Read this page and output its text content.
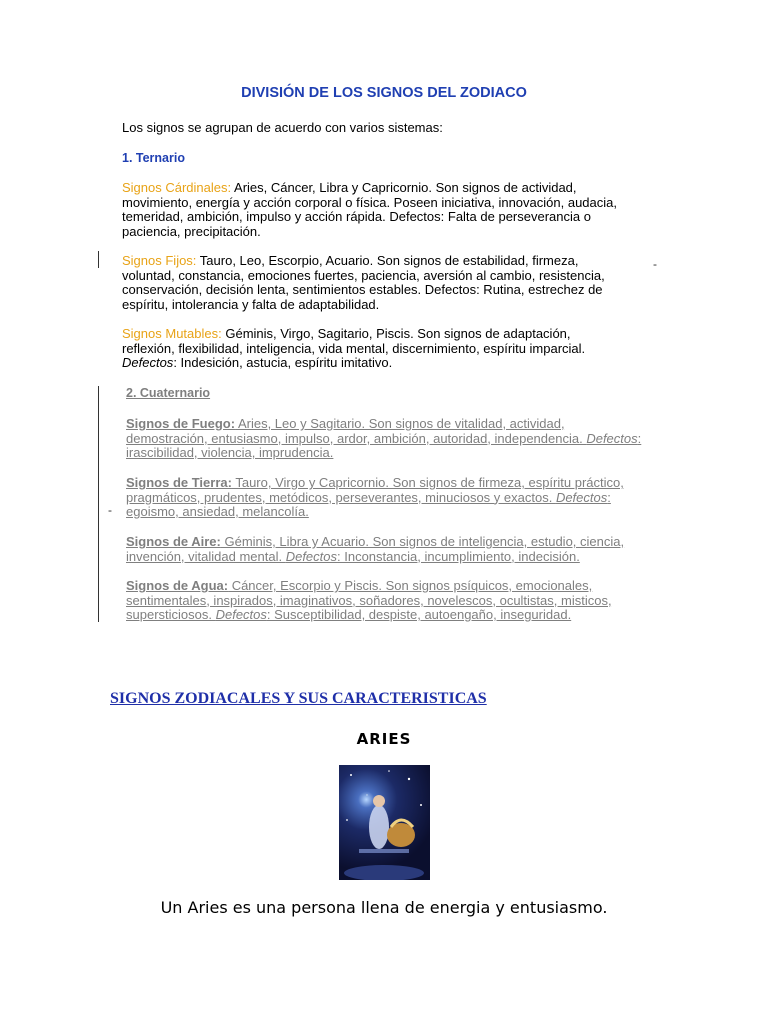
DIVISIÓN DE LOS SIGNOS DEL ZODIACO
Los signos se agrupan de acuerdo con varios sistemas:
1. Ternario
Signos Cárdinales: Aries, Cáncer, Libra y Capricornio. Son signos de actividad, movimiento, energía y acción corporal o física. Poseen iniciativa, innovación, audacia, temeridad, ambición, impulso y acción rápida. Defectos: Falta de perseverancia o paciencia, precipitación.
Signos Fijos: Tauro, Leo, Escorpio, Acuario. Son signos de estabilidad, firmeza, voluntad, constancia, emociones fuertes, paciencia, aversión al cambio, resistencia, conservación, decisión lenta, sentimientos estables. Defectos: Rutina, estrechez de espíritu, intolerancia y falta de adaptabilidad.
Signos Mutables: Géminis, Virgo, Sagitario, Piscis. Son signos de adaptación, reflexión, flexibilidad, inteligencia, vida mental, discernimiento, espíritu imparcial. Defectos: Indesición, astucia, espíritu imitativo.
-
-
2. Cuaternario
Signos de Fuego: Aries, Leo y Sagitario. Son signos de vitalidad, actividad, demostración, entusiasmo, impulso, ardor, ambición, autoridad, independencia. Defectos: irascibilidad, violencia, imprudencia.
Signos de Tierra: Tauro, Virgo y Capricornio. Son signos de firmeza, espíritu práctico, pragmáticos, prudentes, metódicos, perseverantes, minuciosos y exactos. Defectos: egoismo, ansiedad, melancolía.
Signos de Aire: Géminis, Libra y Acuario. Son signos de inteligencia, estudio, ciencia, invención, vitalidad mental. Defectos: Inconstancia, incumplimiento, indecisión.
Signos de Agua: Cáncer, Escorpio y Piscis. Son signos psíquicos, emocionales, sentimentales, inspirados, imaginativos, soñadores, novelescos, ocultistas, misticos, supersticiosos. Defectos: Susceptibilidad, despiste, autoengaño, inseguridad.
SIGNOS ZODIACALES Y SUS CARACTERISTICAS
ARIES
Un Aries es una persona llena de energia y entusiasmo.
